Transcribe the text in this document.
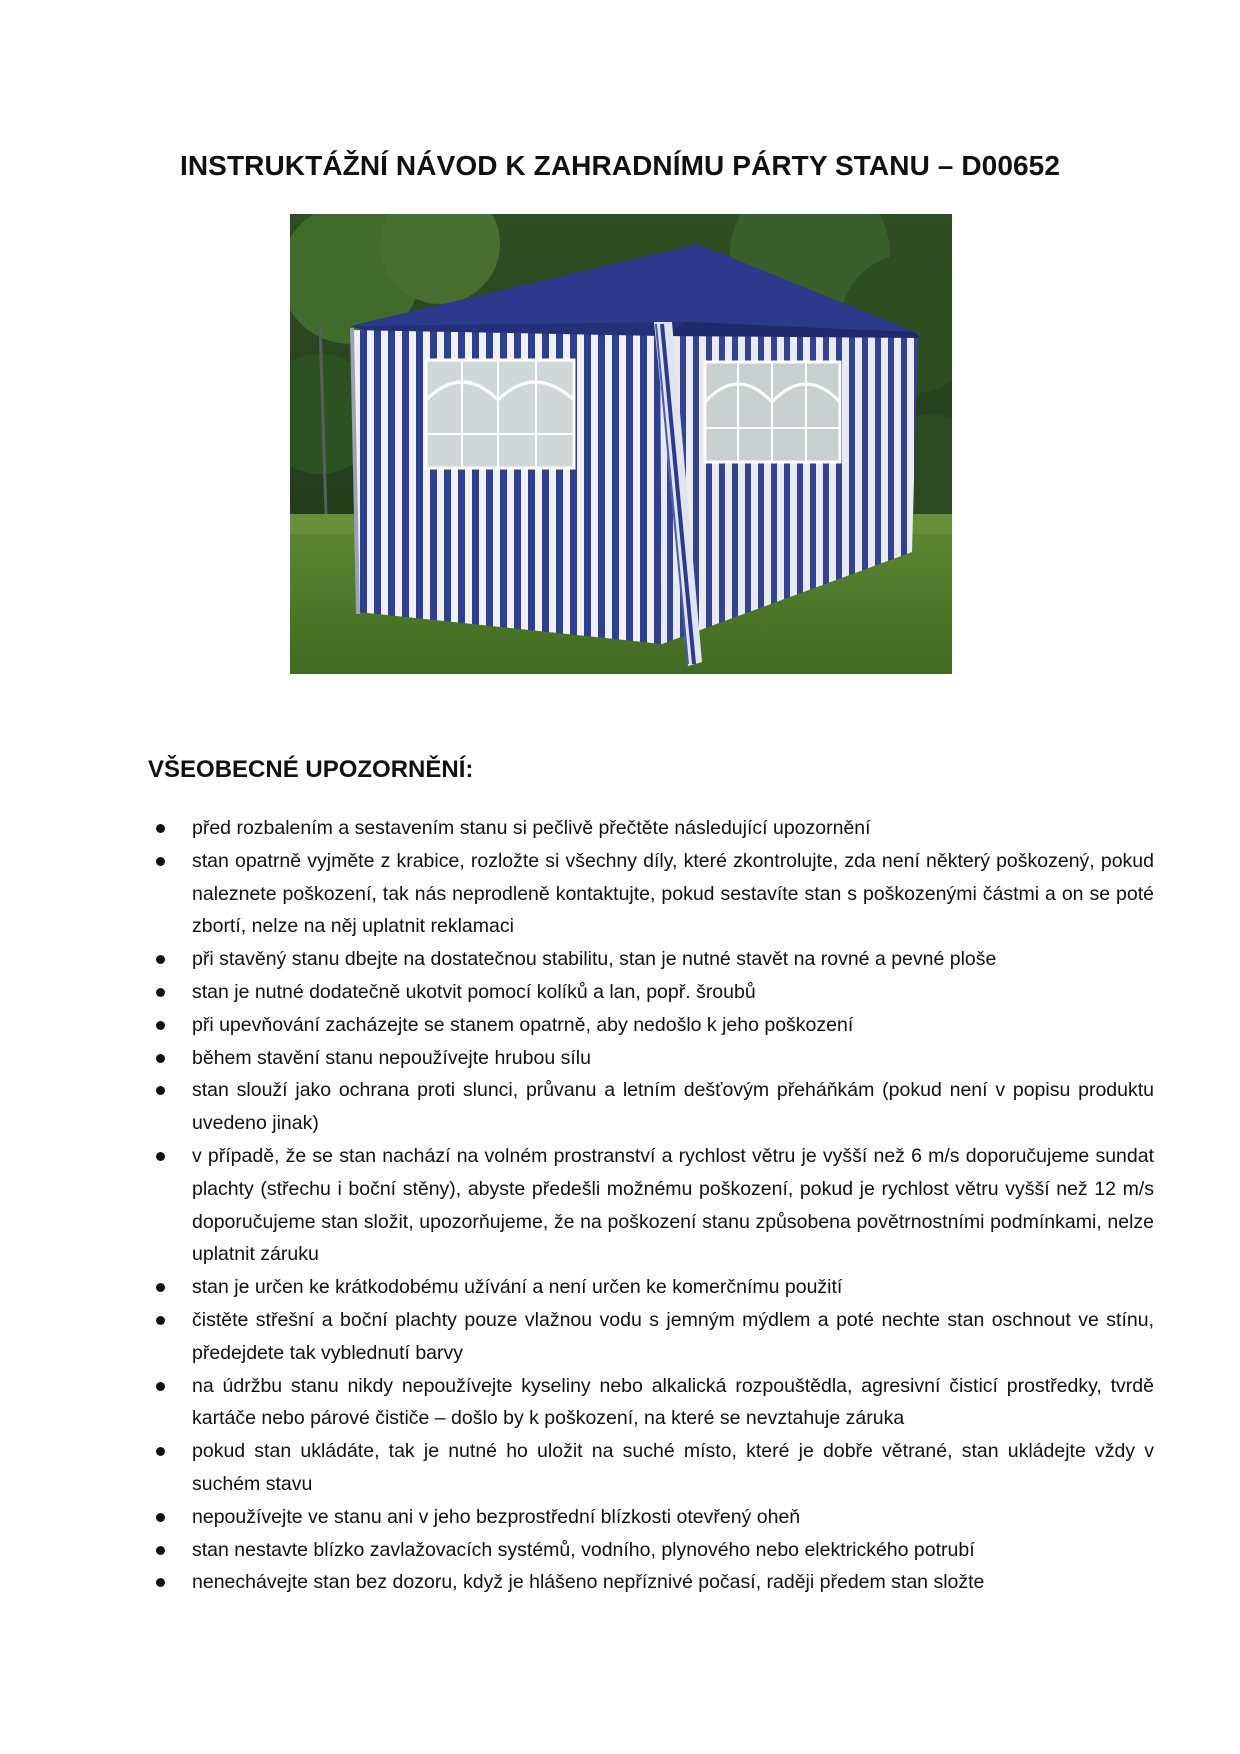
INSTRUKTÁŽNÍ NÁVOD K ZAHRADNÍMU PÁRTY STANU – D00652
VŠEOBECNÉ UPOZORNĚNÍ:
před rozbalením a sestavením stanu si pečlivě přečtěte následující upozornění
stan opatrně vyjměte z krabice, rozložte si všechny díly, které zkontrolujte, zda není některý poškozený, pokud naleznete poškození, tak nás neprodleně kontaktujte, pokud sestavíte stan s poškozenými částmi a on se poté zbortí, nelze na něj uplatnit reklamaci
při stavěný stanu dbejte na dostatečnou stabilitu, stan je nutné stavět na rovné a pevné ploše
stan je nutné dodatečně ukotvit pomocí kolíků a lan, popř. šroubů
při upevňování zacházejte se stanem opatrně, aby nedošlo k jeho poškození
během stavění stanu nepoužívejte hrubou sílu
stan slouží jako ochrana proti slunci, průvanu a letním dešťovým přeháňkám (pokud není v popisu produktu uvedeno jinak)
v případě, že se stan nachází na volném prostranství a rychlost větru je vyšší než 6 m/s doporučujeme sundat plachty (střechu i boční stěny), abyste předešli možnému poškození, pokud je rychlost větru vyšší než 12 m/s doporučujeme stan složit, upozorňujeme, že na poškození stanu způsobena povětrnostními podmínkami, nelze uplatnit záruku
stan je určen ke krátkodobému užívání a není určen ke komerčnímu použití
čistěte střešní a boční plachty pouze vlažnou vodu s jemným mýdlem a poté nechte stan oschnout ve stínu, předejdete tak vyblednutí barvy
na údržbu stanu nikdy nepoužívejte kyseliny nebo alkalická rozpouštědla, agresivní čisticí prostředky, tvrdě kartáče nebo párové čističe – došlo by k poškození, na které se nevztahuje záruka
pokud stan ukládáte, tak je nutné ho uložit na suché místo, které je dobře větrané, stan ukládejte vždy v suchém stavu
nepoužívejte ve stanu ani v jeho bezprostřední blízkosti otevřený oheň
stan nestavte blízko zavlažovacích systémů, vodního, plynového nebo elektrického potrubí
nenechávejte stan bez dozoru, když je hlášeno nepříznivé počasí, raději předem stan složte
